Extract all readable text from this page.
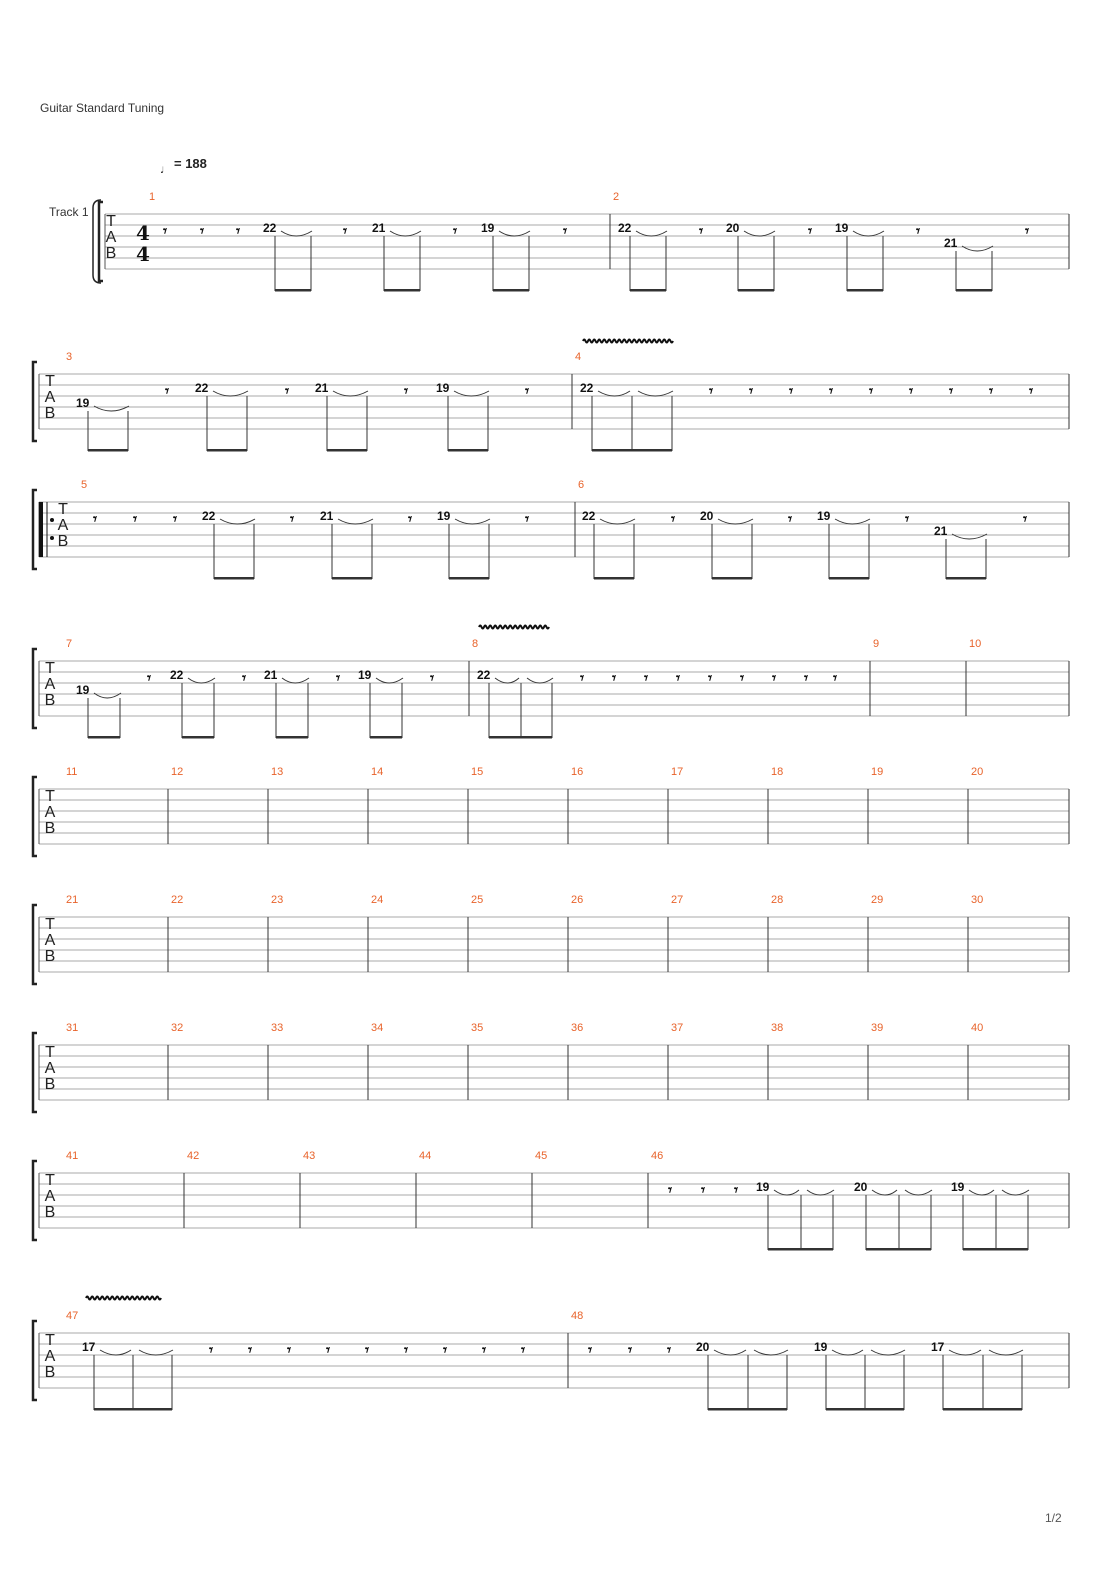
Guitar Standard Tuning
= 188
Track 1
1/2
T
A
B
4
4
1
𝄾 𝄾 𝄾 22	𝄾 21	𝄾 19	𝄾
2
22	𝄾 20	𝄾 19	𝄾
21
𝄾
T
A
B
3
19
𝄾 22	𝄾 21	𝄾 19	𝄾
4
22	𝄾 𝄾 𝄾 𝄾 𝄾 𝄾 𝄾 𝄾 𝄾
T
A
B
5
𝄾 𝄾 𝄾 22	𝄾 21	𝄾 19	𝄾
6
22	𝄾 20	𝄾 19	𝄾
21
𝄾
T
A
B
7
19
𝄾 22	𝄾 21	𝄾 19	𝄾
8
22	𝄾 𝄾 𝄾 𝄾 𝄾 𝄾 𝄾 𝄾 𝄾
9	10
T
A
B
11	12	13	14	15	16	17	18	19	20
T
A
B
21	22	23	24	25	26	27	28	29	30
T
A
B
31	32	33	34	35	36	37	38	39	40
T
A
B
41	42	43	44	45	46
𝄾 𝄾 𝄾 19	20	19
T
A
B
47
17	𝄾 𝄾 𝄾 𝄾 𝄾 𝄾 𝄾 𝄾 𝄾
48
𝄾 𝄾 𝄾 20	19	17
